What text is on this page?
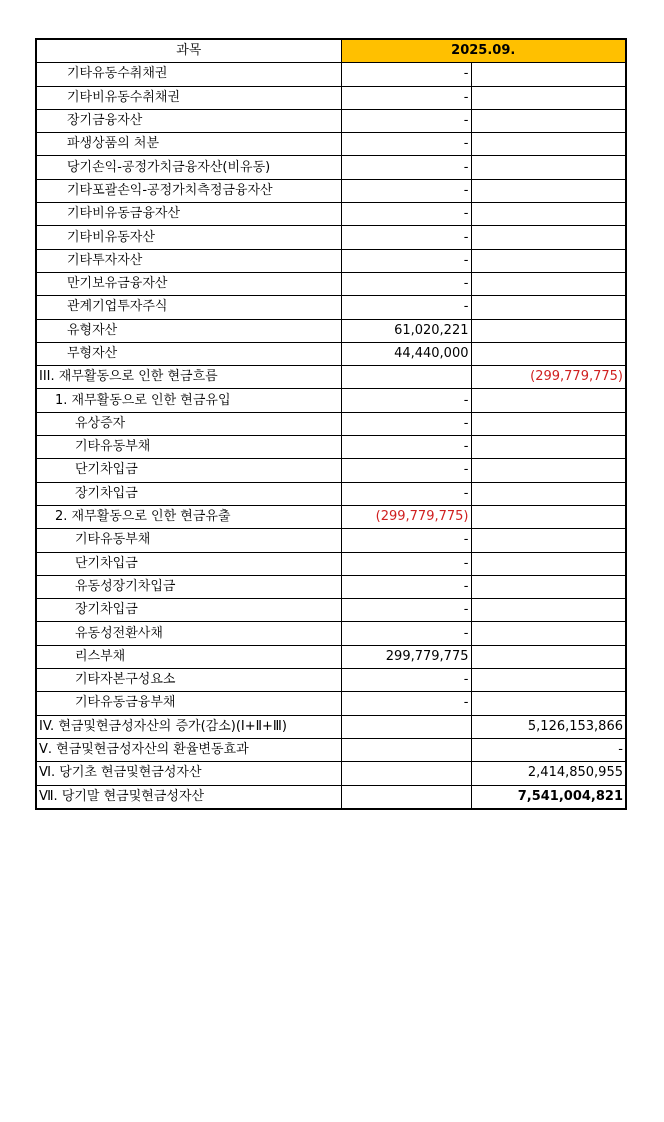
과목	2025.09.	
기타유동수취채권	-	
기타비유동수취채권	-	
장기금융자산	-	
파생상품의 처분	-	
당기손익-공정가치금융자산(비유동)	-	
기타포괄손익-공정가치측정금융자산	-	
기타비유동금융자산	-	
기타비유동자산	-	
기타투자자산	-	
만기보유금융자산	-	
관계기업투자주식	-	
유형자산	61,020,221	
무형자산	44,440,000	
III. 재무활동으로 인한 현금흐름		(299,779,775)
1. 재무활동으로 인한 현금유입	-	
유상증자	-	
기타유동부채	-	
단기차입금	-	
장기차입금	-	
2. 재무활동으로 인한 현금유출	(299,779,775)	
기타유동부채	-	
단기차입금	-	
유동성장기차입금	-	
장기차입금	-	
유동성전환사채	-	
리스부채	299,779,775	
기타자본구성요소	-	
기타유동금융부채	-	
IV. 현금및현금성자산의 증가(감소)(Ⅰ+Ⅱ+Ⅲ)		5,126,153,866
Ⅴ. 현금및현금성자산의 환율변동효과		-
Ⅵ. 당기초 현금및현금성자산		2,414,850,955
Ⅶ. 당기말 현금및현금성자산		7,541,004,821
